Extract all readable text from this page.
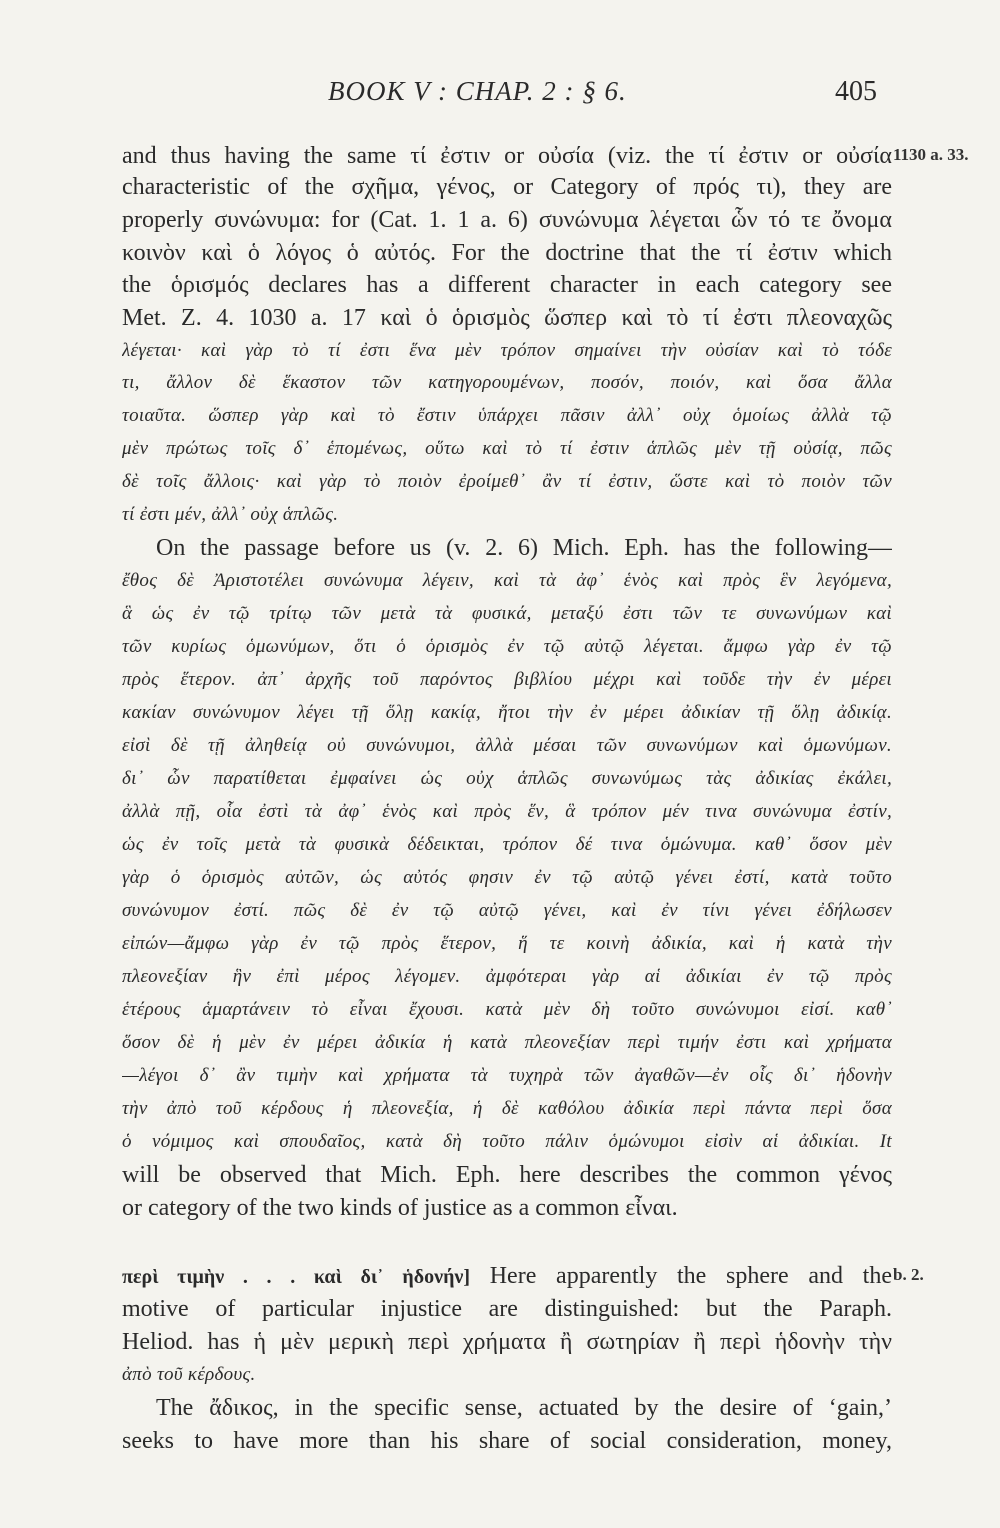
BOOK V : CHAP. 2 : § 6.	405
1130 a. 33.
and thus having the same τί ἐστιν or οὐσία (viz. the τί ἐστιν or οὐσία
characteristic of the σχῆμα, γένος, or Category of πρός τι), they are
properly συνώνυμα: for (Cat. 1. 1 a. 6) συνώνυμα λέγεται ὧν τό τε ὄνομα
κοινὸν καὶ ὁ λόγος ὁ αὐτός. For the doctrine that the τί ἐστιν which
the ὁρισμός declares has a different character in each category see
Met. Z. 4. 1030 a. 17 καὶ ὁ ὁρισμὸς ὥσπερ καὶ τὸ τί ἐστι πλεοναχῶς
λέγεται· καὶ γὰρ τὸ τί ἐστι ἕνα μὲν τρόπον σημαίνει τὴν οὐσίαν καὶ τὸ τόδε
τι, ἄλλον δὲ ἕκαστον τῶν κατηγορουμένων, ποσόν, ποιόν, καὶ ὅσα ἄλλα
τοιαῦτα. ὥσπερ γὰρ καὶ τὸ ἔστιν ὑπάρχει πᾶσιν ἀλλ᾽ οὐχ ὁμοίως ἀλλὰ τῷ
μὲν πρώτως τοῖς δ᾽ ἑπομένως, οὕτω καὶ τὸ τί ἐστιν ἁπλῶς μὲν τῇ οὐσίᾳ, πῶς
δὲ τοῖς ἄλλοις· καὶ γὰρ τὸ ποιὸν ἐροίμεθ᾽ ἂν τί ἐστιν, ὥστε καὶ τὸ ποιὸν τῶν
τί ἐστι μέν, ἀλλ᾽ οὐχ ἁπλῶς.
On the passage before us (v. 2. 6) Mich. Eph. has the following—
ἔθος δὲ Ἀριστοτέλει συνώνυμα λέγειν, καὶ τὰ ἀφ᾽ ἑνὸς καὶ πρὸς ἓν λεγόμενα,
ἃ ὡς ἐν τῷ τρίτῳ τῶν μετὰ τὰ φυσικά, μεταξύ ἐστι τῶν τε συνωνύμων καὶ
τῶν κυρίως ὁμωνύμων, ὅτι ὁ ὁρισμὸς ἐν τῷ αὐτῷ λέγεται. ἄμφω γὰρ ἐν τῷ
πρὸς ἕτερον. ἀπ᾽ ἀρχῆς τοῦ παρόντος βιβλίου μέχρι καὶ τοῦδε τὴν ἐν μέρει
κακίαν συνώνυμον λέγει τῇ ὅλῃ κακίᾳ, ἤτοι τὴν ἐν μέρει ἀδικίαν τῇ ὅλῃ ἀδικίᾳ.
εἰσὶ δὲ τῇ ἀληθείᾳ οὐ συνώνυμοι, ἀλλὰ μέσαι τῶν συνωνύμων καὶ ὁμωνύμων.
δι᾽ ὧν παρατίθεται ἐμφαίνει ὡς οὐχ ἁπλῶς συνωνύμως τὰς ἀδικίας ἐκάλει,
ἀλλὰ πῇ, οἷα ἐστὶ τὰ ἀφ᾽ ἑνὸς καὶ πρὸς ἕν, ἃ τρόπον μέν τινα συνώνυμα ἐστίν,
ὡς ἐν τοῖς μετὰ τὰ φυσικὰ δέδεικται, τρόπον δέ τινα ὁμώνυμα. καθ᾽ ὅσον μὲν
γὰρ ὁ ὁρισμὸς αὐτῶν, ὡς αὐτός φησιν ἐν τῷ αὐτῷ γένει ἐστί, κατὰ τοῦτο
συνώνυμον ἐστί. πῶς δὲ ἐν τῷ αὐτῷ γένει, καὶ ἐν τίνι γένει ἐδήλωσεν
εἰπών—ἄμφω γὰρ ἐν τῷ πρὸς ἕτερον, ἥ τε κοινὴ ἀδικία, καὶ ἡ κατὰ τὴν
πλεονεξίαν ἣν ἐπὶ μέρος λέγομεν. ἀμφότεραι γὰρ αἱ ἀδικίαι ἐν τῷ πρὸς
ἑτέρους ἁμαρτάνειν τὸ εἶναι ἔχουσι. κατὰ μὲν δὴ τοῦτο συνώνυμοι εἰσί. καθ᾽
ὅσον δὲ ἡ μὲν ἐν μέρει ἀδικία ἡ κατὰ πλεονεξίαν περὶ τιμήν ἐστι καὶ χρήματα
—λέγοι δ᾽ ἂν τιμὴν καὶ χρήματα τὰ τυχηρὰ τῶν ἀγαθῶν—ἐν οἷς δι᾽ ἡδονὴν
τὴν ἀπὸ τοῦ κέρδους ἡ πλεονεξία, ἡ δὲ καθόλου ἀδικία περὶ πάντα περὶ ὅσα
ὁ νόμιμος καὶ σπουδαῖος, κατὰ δὴ τοῦτο πάλιν ὁμώνυμοι εἰσὶν αἱ ἀδικίαι. It
will be observed that Mich. Eph. here describes the common γένος
or category of the two kinds of justice as a common εἶναι.
b. 2.
περὶ τιμὴν . . . καὶ δι᾽ ἡδονήν] Here apparently the sphere and the
motive of particular injustice are distinguished: but the Paraph.
Heliod. has ἡ μὲν μερικὴ περὶ χρήματα ἢ σωτηρίαν ἢ περὶ ἡδονὴν τὴν
ἀπὸ τοῦ κέρδους.
The ἄδικος, in the specific sense, actuated by the desire of ‘gain,’
seeks to have more than his share of social consideration, money,
